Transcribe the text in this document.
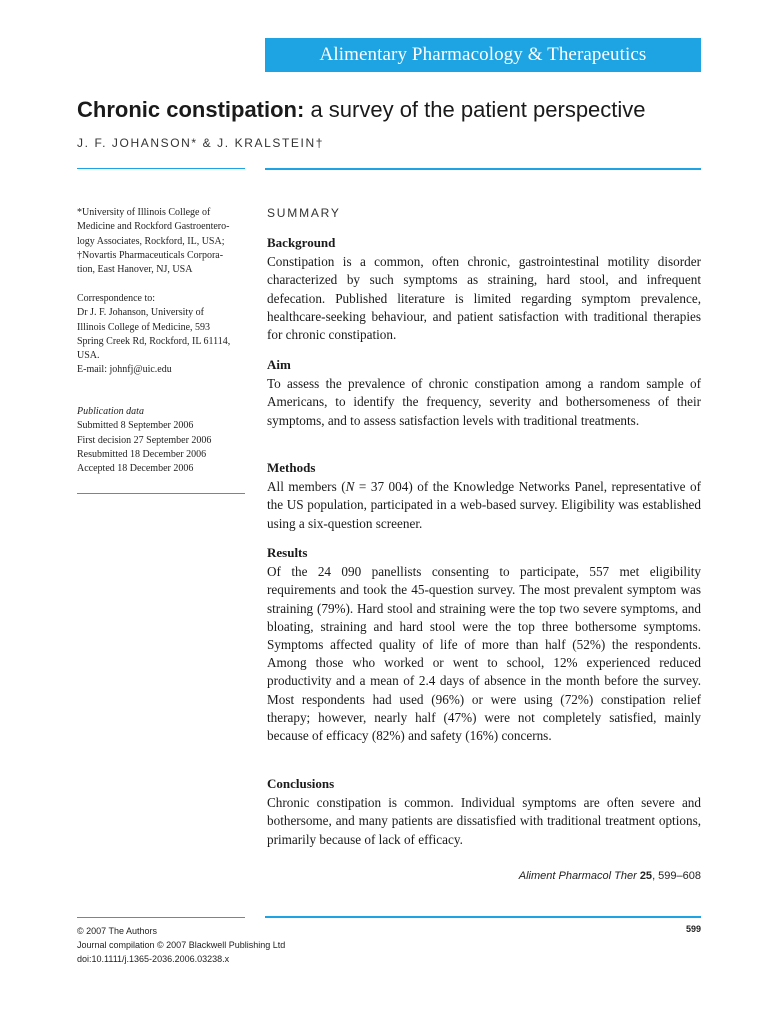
Alimentary Pharmacology & Therapeutics
Chronic constipation: a survey of the patient perspective
J. F. JOHANSON* & J. KRALSTEIN†

*University of Illinois College of

Medicine and Rockford Gastroentero-

logy Associates, Rockford, IL, USA;

†Novartis Pharmaceuticals Corpora-

tion, East Hanover, NJ, USA

Correspondence to:

Dr J. F. Johanson, University of

Illinois College of Medicine, 593

Spring Creek Rd, Rockford, IL 61114,

USA.

E-mail: johnfj@uic.edu

Publication data

Submitted 8 September 2006

First decision 27 September 2006

Resubmitted 18 December 2006

Accepted 18 December 2006

SUMMARY
Background

Constipation is a common, often chronic, gastrointestinal motility disorder characterized by such symptoms as straining, hard stool, and infrequent defecation. Published literature is limited regarding symptom prevalence, healthcare-seeking behaviour, and patient satisfaction with traditional therapies for chronic constipation.

Aim

To assess the prevalence of chronic constipation among a random sample of Americans, to identify the frequency, severity and bothersomeness of their symptoms, and to assess satisfaction levels with traditional treatments.

Methods

All members (N = 37 004) of the Knowledge Networks Panel, representative of the US population, participated in a web-based survey. Eligibility was established using a six-question screener.

Results

Of the 24 090 panellists consenting to participate, 557 met eligibility requirements and took the 45-question survey. The most prevalent symptom was straining (79%). Hard stool and straining were the top two severe symptoms, and bloating, straining and hard stool were the top three bothersome symptoms. Symptoms affected quality of life of more than half (52%) the respondents. Among those who worked or went to school, 12% experienced reduced productivity and a mean of 2.4 days of absence in the month before the survey. Most respondents had used (96%) or were using (72%) constipation relief therapy; however, nearly half (47%) were not completely satisfied, mainly because of efficacy (82%) and safety (16%) concerns.

Conclusions

Chronic constipation is common. Individual symptoms are often severe and bothersome, and many patients are dissatisfied with traditional treatment options, primarily because of lack of efficacy.

Aliment Pharmacol Ther 25, 599–608

© 2007 The Authors

Journal compilation © 2007 Blackwell Publishing Ltd

doi:10.1111/j.1365-2036.2006.03238.x

599
